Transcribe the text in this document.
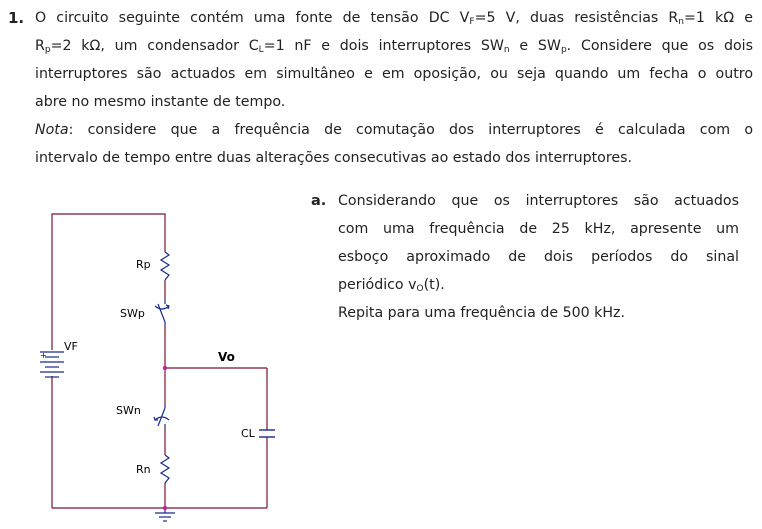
1. O circuito seguinte contém uma fonte de tensão DC $V_F=5$ V, duas resistências $R_n=1$ kΩ e
$R_p=2$ kΩ, um condensador $C_L=1$ nF e dois interruptores $SW_n$ e $SW_p$. Considere que os dois
interruptores são actuados em simultâneo e em oposição, ou seja quando um fecha o outro
abre no mesmo instante de tempo.
Nota: considere que a frequência de comutação dos interruptores é calculada com o
intervalo de tempo entre duas alterações consecutivas ao estado dos interruptores.
a. Considerando que os interruptores são actuados
com uma frequência de 25 kHz, apresente um
esboço aproximado de dois períodos do sinal
periódico $v_O(t)$.
Repita para uma frequência de 500 kHz.
Rp
SWp
+
VF
Vo
SWn
CL
Rn
